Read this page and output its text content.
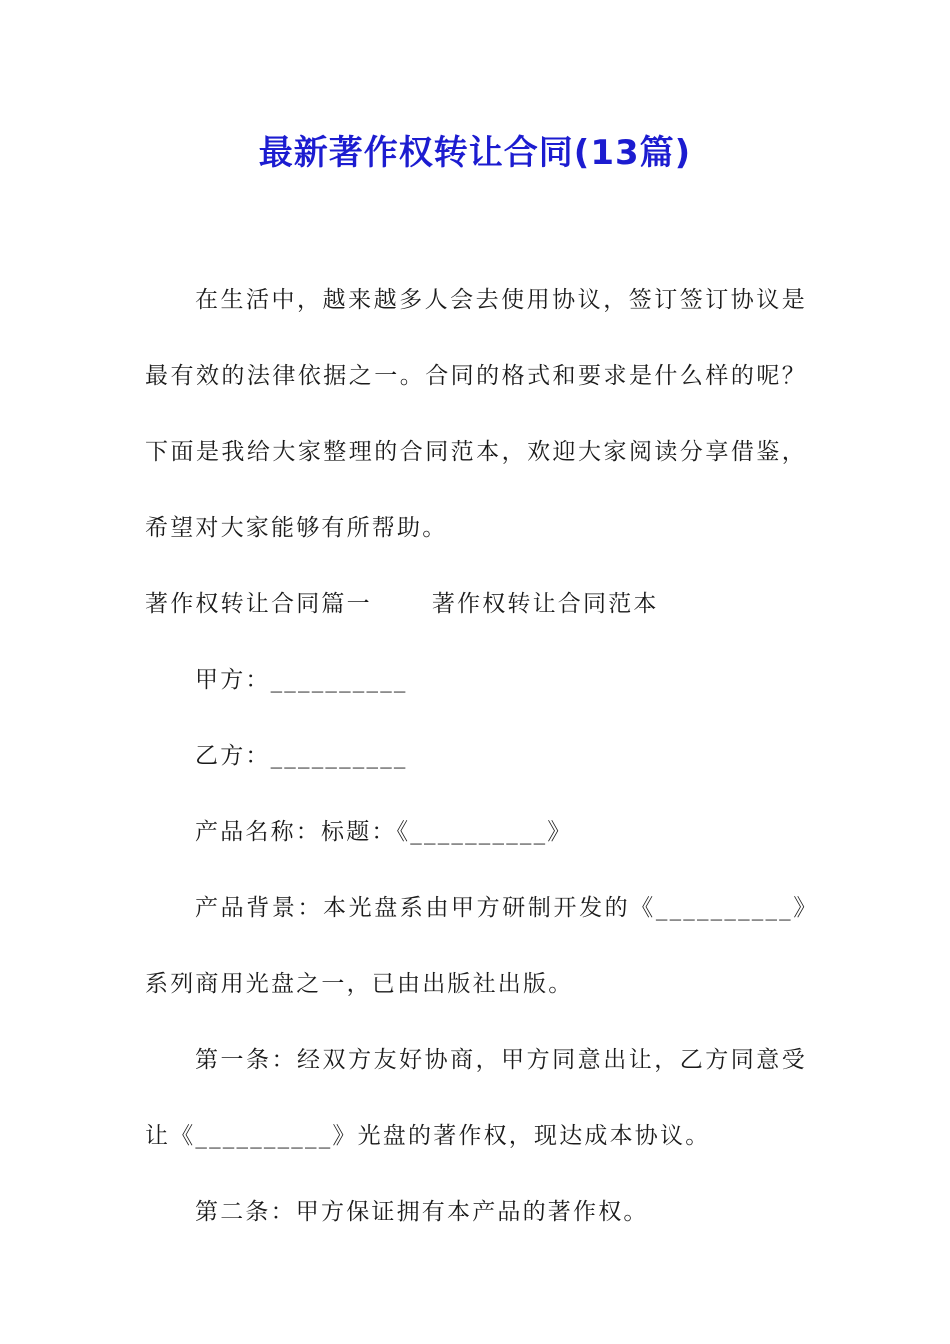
最新著作权转让合同(13篇)

在生活中，越来越多人会去使用协议，签订签订协议是最有效的法律依据之一。合同的格式和要求是什么样的呢？下面是我给大家整理的合同范本，欢迎大家阅读分享借鉴，希望对大家能够有所帮助。

著作权转让合同篇一	著作权转让合同范本

甲方：__________

乙方：__________

产品名称：标题：《__________》

产品背景：本光盘系由甲方研制开发的《__________》系列商用光盘之一，已由出版社出版。

第一条：经双方友好协商，甲方同意出让，乙方同意受让《__________》光盘的著作权，现达成本协议。

第二条：甲方保证拥有本产品的著作权。
